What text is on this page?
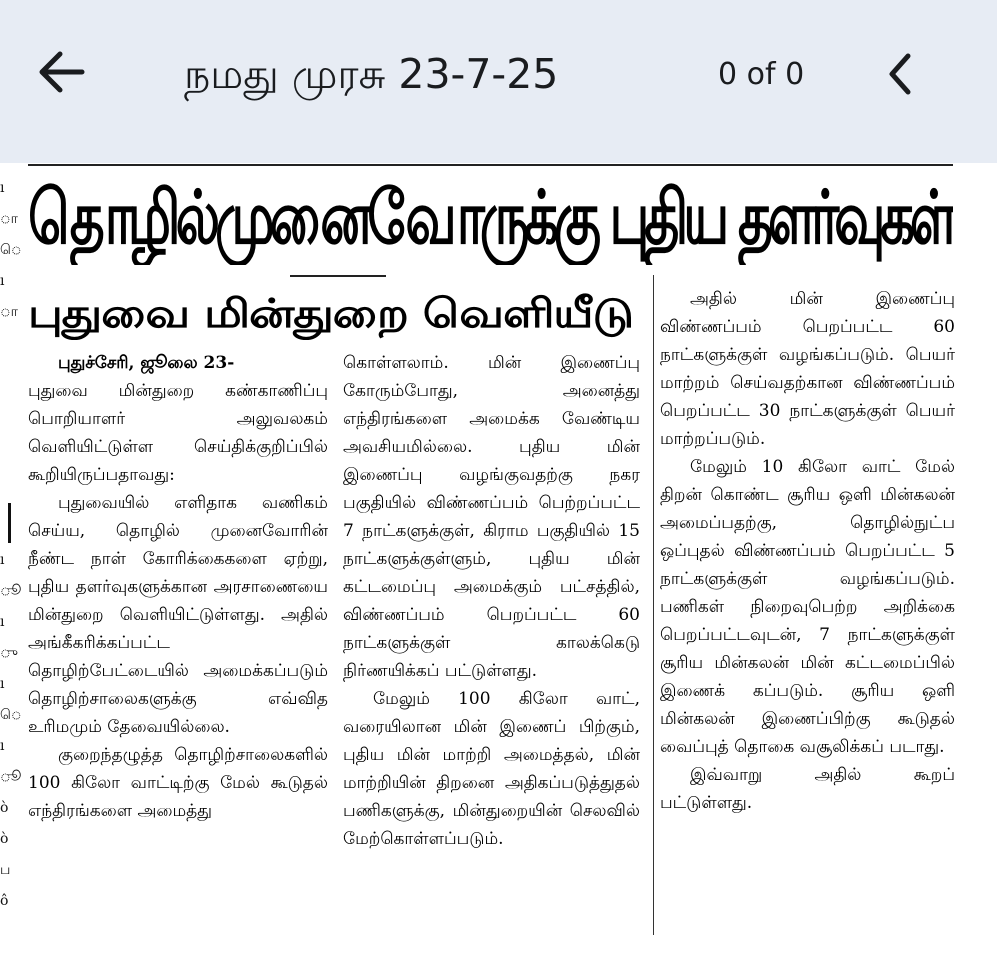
நமது முரசு 23-7-25	0 of 0
ı
ா
ெ
ı
ா
ı
ூ
ı
ு
ı
ெ
ı
ூ
ò
ò
ப
ô
தொழில்முனைவோருக்கு புதிய தளர்வுகள்
புதுவை மின்துறை வெளியீடு

புதுச்சேரி, ஜூலை 23-

புதுவை மின்துறை கண்காணிப்பு பொறியாளர் அலுவலகம் வெளியிட்டுள்ள செய்திக்குறிப்பில் கூறியிருப்பதாவது:

புதுவையில் எளிதாக வணிகம் செய்ய, தொழில் முனைவோரின் நீண்ட நாள் கோரிக்கைகளை ஏற்று, புதிய தளர்வுகளுக்கான அரசாணையை மின்துறை வெளியிட்டுள்ளது. அதில் அங்கீகரிக்கப்பட்ட தொழிற்பேட்டையில் அமைக்கப்படும் தொழிற்சாலைகளுக்கு எவ்வித உரிமமும் தேவையில்லை.

குறைந்தழுத்த தொழிற்சாலைகளில் 100 கிலோ வாட்டிற்கு மேல் கூடுதல் எந்திரங்களை அமைத்து

கொள்ளலாம். மின் இணைப்பு கோரும்போது, அனைத்து எந்திரங்களை அமைக்க வேண்டிய அவசியமில்லை. புதிய மின் இணைப்பு வழங்குவதற்கு நகர பகுதியில் விண்ணப்பம் பெற்றப்பட்ட 7 நாட்களுக்குள், கிராம பகுதியில் 15 நாட்களுக்குள்ளும், புதிய மின் கட்டமைப்பு அமைக்கும் பட்சத்தில், விண்ணப்பம் பெறப்பட்ட 60 நாட்களுக்குள் காலக்கெடு நிர்ணயிக்கப் பட்டுள்ளது.

மேலும் 100 கிலோ வாட், வரையிலான மின் இணைப் பிற்கும், புதிய மின் மாற்றி அமைத்தல், மின் மாற்றியின் திறனை அதிகப்படுத்துதல் பணிகளுக்கு, மின்துறையின் செலவில் மேற்கொள்ளப்படும்.

அதில் மின் இணைப்பு விண்ணப்பம் பெறப்பட்ட 60 நாட்களுக்குள் வழங்கப்படும். பெயர் மாற்றம் செய்வதற்கான விண்ணப்பம் பெறப்பட்ட 30 நாட்களுக்குள் பெயர் மாற்றப்படும்.

மேலும் 10 கிலோ வாட் மேல் திறன் கொண்ட சூரிய ஒளி மின்கலன் அமைப்பதற்கு, தொழில்நுட்ப ஒப்புதல் விண்ணப்பம் பெறப்பட்ட 5 நாட்களுக்குள் வழங்கப்படும். பணிகள் நிறைவுபெற்ற அறிக்கை பெறப்பட்டவுடன், 7 நாட்களுக்குள் சூரிய மின்கலன் மின் கட்டமைப்பில் இணைக் கப்படும். சூரிய ஒளி மின்கலன் இணைப்பிற்கு கூடுதல் வைப்புத் தொகை வசூலிக்கப் படாது.

இவ்வாறு அதில் கூறப் பட்டுள்ளது.
